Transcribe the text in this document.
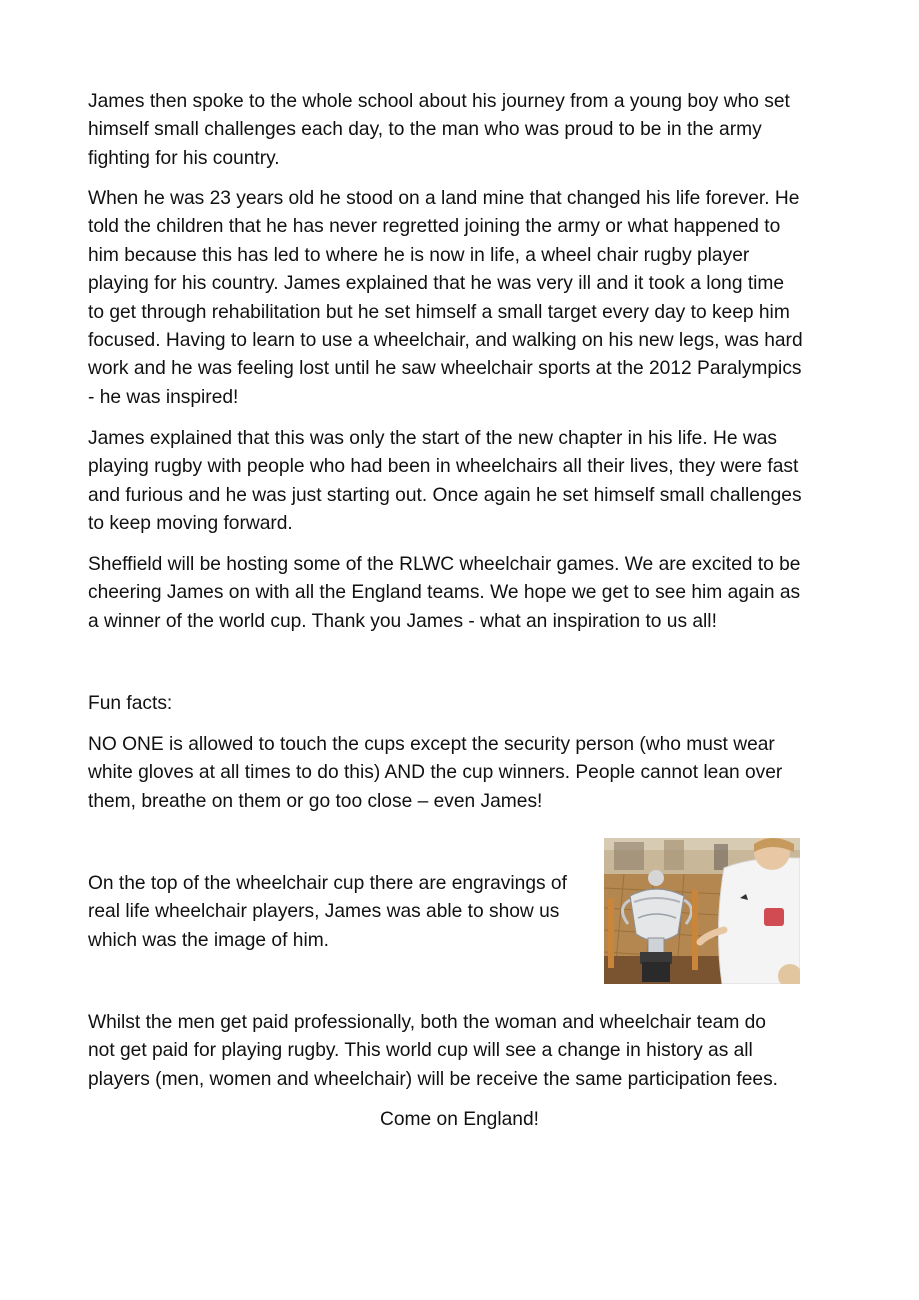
James then spoke to the whole school about his journey from a young boy who set
himself small challenges each day, to the man who was proud to be in the army
fighting for his country.

When he was 23 years old he stood on a land mine that changed his life forever. He
told the children that he has never regretted joining the army or what happened to
him because this has led to where he is now in life, a wheel chair rugby player
playing for his country. James explained that he was very ill and it took a long time
to get through rehabilitation but he set himself a small target every day to keep him
focused. Having to learn to use a wheelchair, and walking on his new legs, was hard
work and he was feeling lost until he saw wheelchair sports at the 2012 Paralympics
- he was inspired!

James explained that this was only the start of the new chapter in his life. He was
playing rugby with people who had been in wheelchairs all their lives, they were fast
and furious and he was just starting out. Once again he set himself small challenges
to keep moving forward.

Sheffield will be hosting some of the RLWC wheelchair games. We are excited to be
cheering James on with all the England teams. We hope we get to see him again as
a winner of the world cup. Thank you James - what an inspiration to us all!

Fun facts:

NO ONE is allowed to touch the cups except the security person (who must wear
white gloves at all times to do this) AND the cup winners. People cannot lean over
them, breathe on them or go too close – even James!

On the top of the wheelchair cup there are engravings of
real life wheelchair players, James was able to show us
which was the image of him.

Whilst the men get paid professionally, both the woman and wheelchair team do
not get paid for playing rugby. This world cup will see a change in history as all
players (men, women and wheelchair) will be receive the same participation fees.

Come on England!
